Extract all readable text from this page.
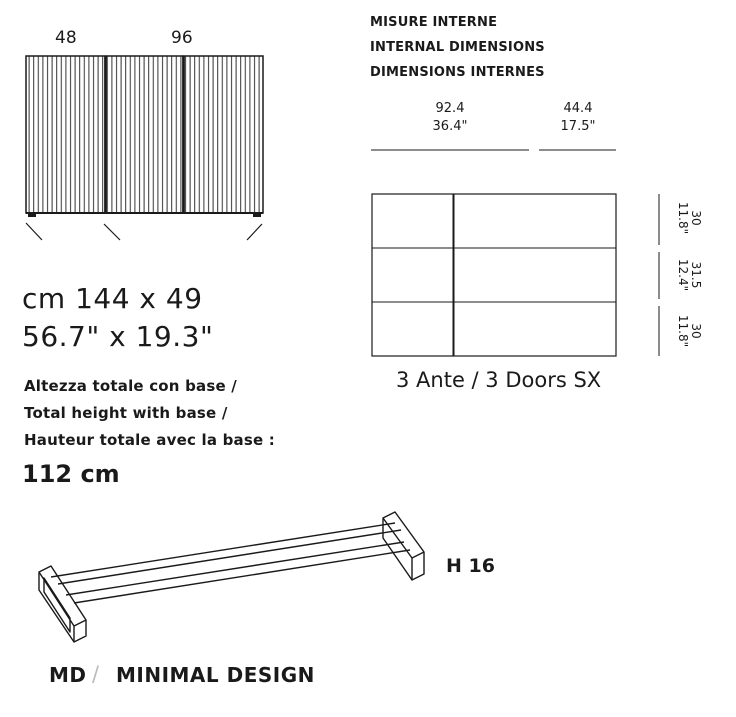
48	96
MISURE INTERNE
INTERNAL DIMENSIONS
DIMENSIONS INTERNES
92.4
36.4"
44.4
17.5"
30
11.8"
31.5
12.4"
30
11.8"
3 Ante / 3 Doors SX
cm 144 x 49
56.7" x 19.3"
Altezza totale con base /
Total height with base /
Hauteur totale avec la base :
112 cm
H 16
MD / MINIMAL DESIGN
